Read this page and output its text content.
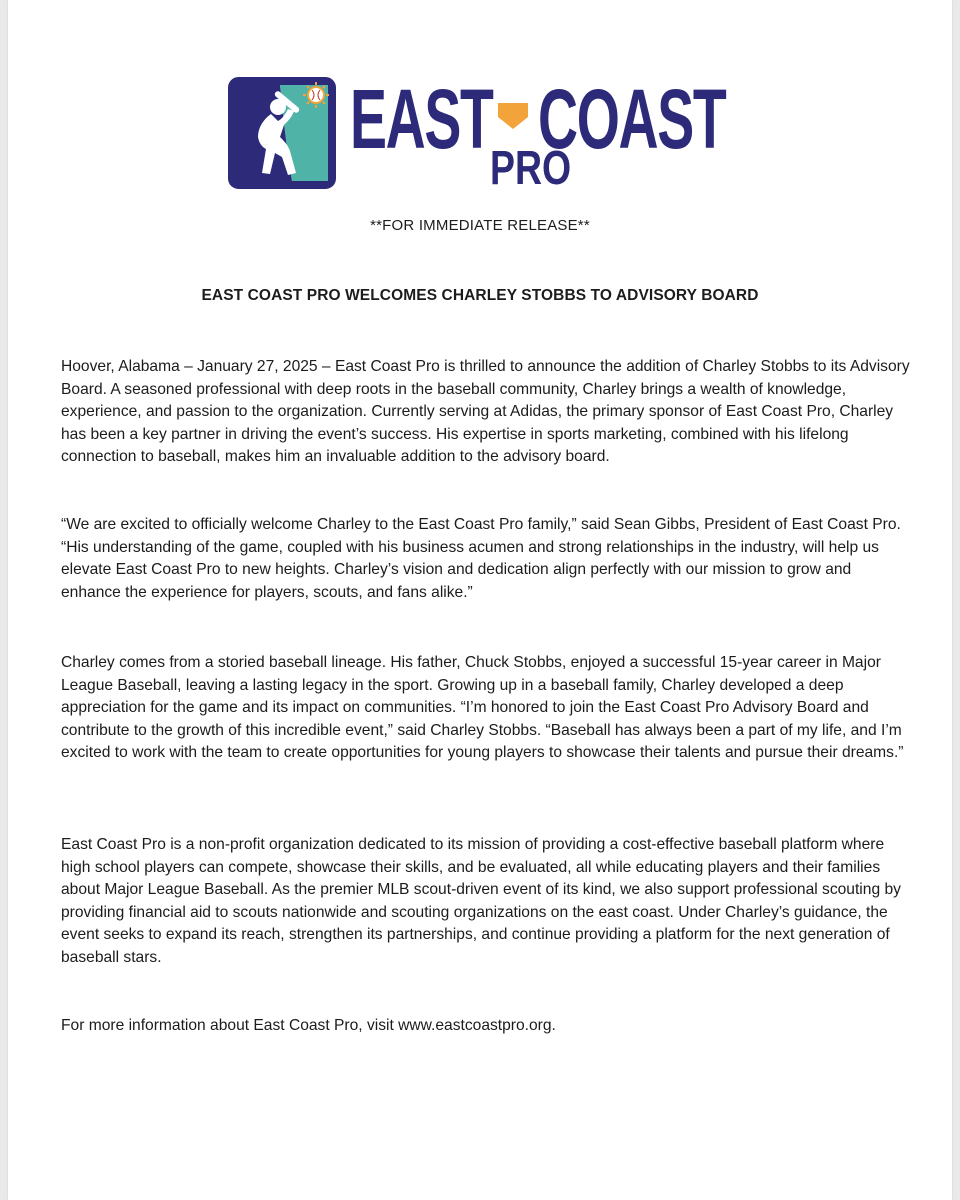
EAST COAST
PRO
**FOR IMMEDIATE RELEASE**
EAST COAST PRO WELCOMES CHARLEY STOBBS TO ADVISORY BOARD

Hoover, Alabama – January 27, 2025 – East Coast Pro is thrilled to announce the addition of Charley Stobbs to its Advisory Board. A seasoned professional with deep roots in the baseball community, Charley brings a wealth of knowledge, experience, and passion to the organization. Currently serving at Adidas, the primary sponsor of East Coast Pro, Charley has been a key partner in driving the event’s success. His expertise in sports marketing, combined with his lifelong connection to baseball, makes him an invaluable addition to the advisory board.

“We are excited to officially welcome Charley to the East Coast Pro family,” said Sean Gibbs, President of East Coast Pro. “His understanding of the game, coupled with his business acumen and strong relationships in the industry, will help us elevate East Coast Pro to new heights. Charley’s vision and dedication align perfectly with our mission to grow and enhance the experience for players, scouts, and fans alike.”

Charley comes from a storied baseball lineage. His father, Chuck Stobbs, enjoyed a successful 15-year career in Major League Baseball, leaving a lasting legacy in the sport. Growing up in a baseball family, Charley developed a deep appreciation for the game and its impact on communities. “I’m honored to join the East Coast Pro Advisory Board and contribute to the growth of this incredible event,” said Charley Stobbs. “Baseball has always been a part of my life, and I’m excited to work with the team to create opportunities for young players to showcase their talents and pursue their dreams.”

East Coast Pro is a non-profit organization dedicated to its mission of providing a cost-effective baseball platform where high school players can compete, showcase their skills, and be evaluated, all while educating players and their families about Major League Baseball. As the premier MLB scout-driven event of its kind, we also support professional scouting by providing financial aid to scouts nationwide and scouting organizations on the east coast. Under Charley’s guidance, the event seeks to expand its reach, strengthen its partnerships, and continue providing a platform for the next generation of baseball stars.

For more information about East Coast Pro, visit www.eastcoastpro.org.
